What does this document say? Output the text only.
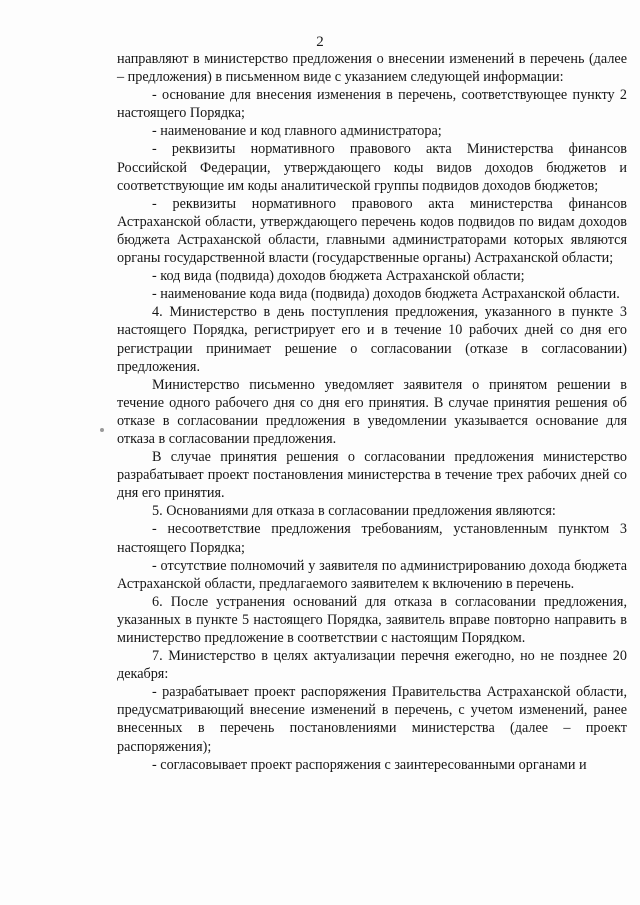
2

направляют в министерство предложения о внесении изменений в перечень (далее – предложения) в письменном виде с указанием следующей информации:

- основание для внесения изменения в перечень, соответствующее пункту 2 настоящего Порядка;

- наименование и код главного администратора;

- реквизиты нормативного правового акта Министерства финансов Российской Федерации, утверждающего коды видов доходов бюджетов и соответствующие им коды аналитической группы подвидов доходов бюджетов;

- реквизиты нормативного правового акта министерства финансов Астраханской области, утверждающего перечень кодов подвидов по видам доходов бюджета Астраханской области, главными администраторами которых являются органы государственной власти (государственные органы) Астраханской области;

- код вида (подвида) доходов бюджета Астраханской области;

- наименование кода вида (подвида) доходов бюджета Астраханской области.

4. Министерство в день поступления предложения, указанного в пункте 3 настоящего Порядка, регистрирует его и в течение 10 рабочих дней со дня его регистрации принимает решение о согласовании (отказе в согласовании) предложения.

Министерство письменно уведомляет заявителя о принятом решении в течение одного рабочего дня со дня его принятия. В случае принятия решения об отказе в согласовании предложения в уведомлении указывается основание для отказа в согласовании предложения.

В случае принятия решения о согласовании предложения министерство разрабатывает проект постановления министерства в течение трех рабочих дней со дня его принятия.

5. Основаниями для отказа в согласовании предложения являются:

- несоответствие предложения требованиям, установленным пунктом 3 настоящего Порядка;

- отсутствие полномочий у заявителя по администрированию дохода бюджета Астраханской области, предлагаемого заявителем к включению в перечень.

6. После устранения оснований для отказа в согласовании предложения, указанных в пункте 5 настоящего Порядка, заявитель вправе повторно направить в министерство предложение в соответствии с настоящим Порядком.

7. Министерство в целях актуализации перечня ежегодно, но не позднее 20 декабря:

- разрабатывает проект распоряжения Правительства Астраханской области, предусматривающий внесение изменений в перечень, с учетом изменений, ранее внесенных в перечень постановлениями министерства (далее – проект распоряжения);

- согласовывает проект распоряжения с заинтересованными органами и
